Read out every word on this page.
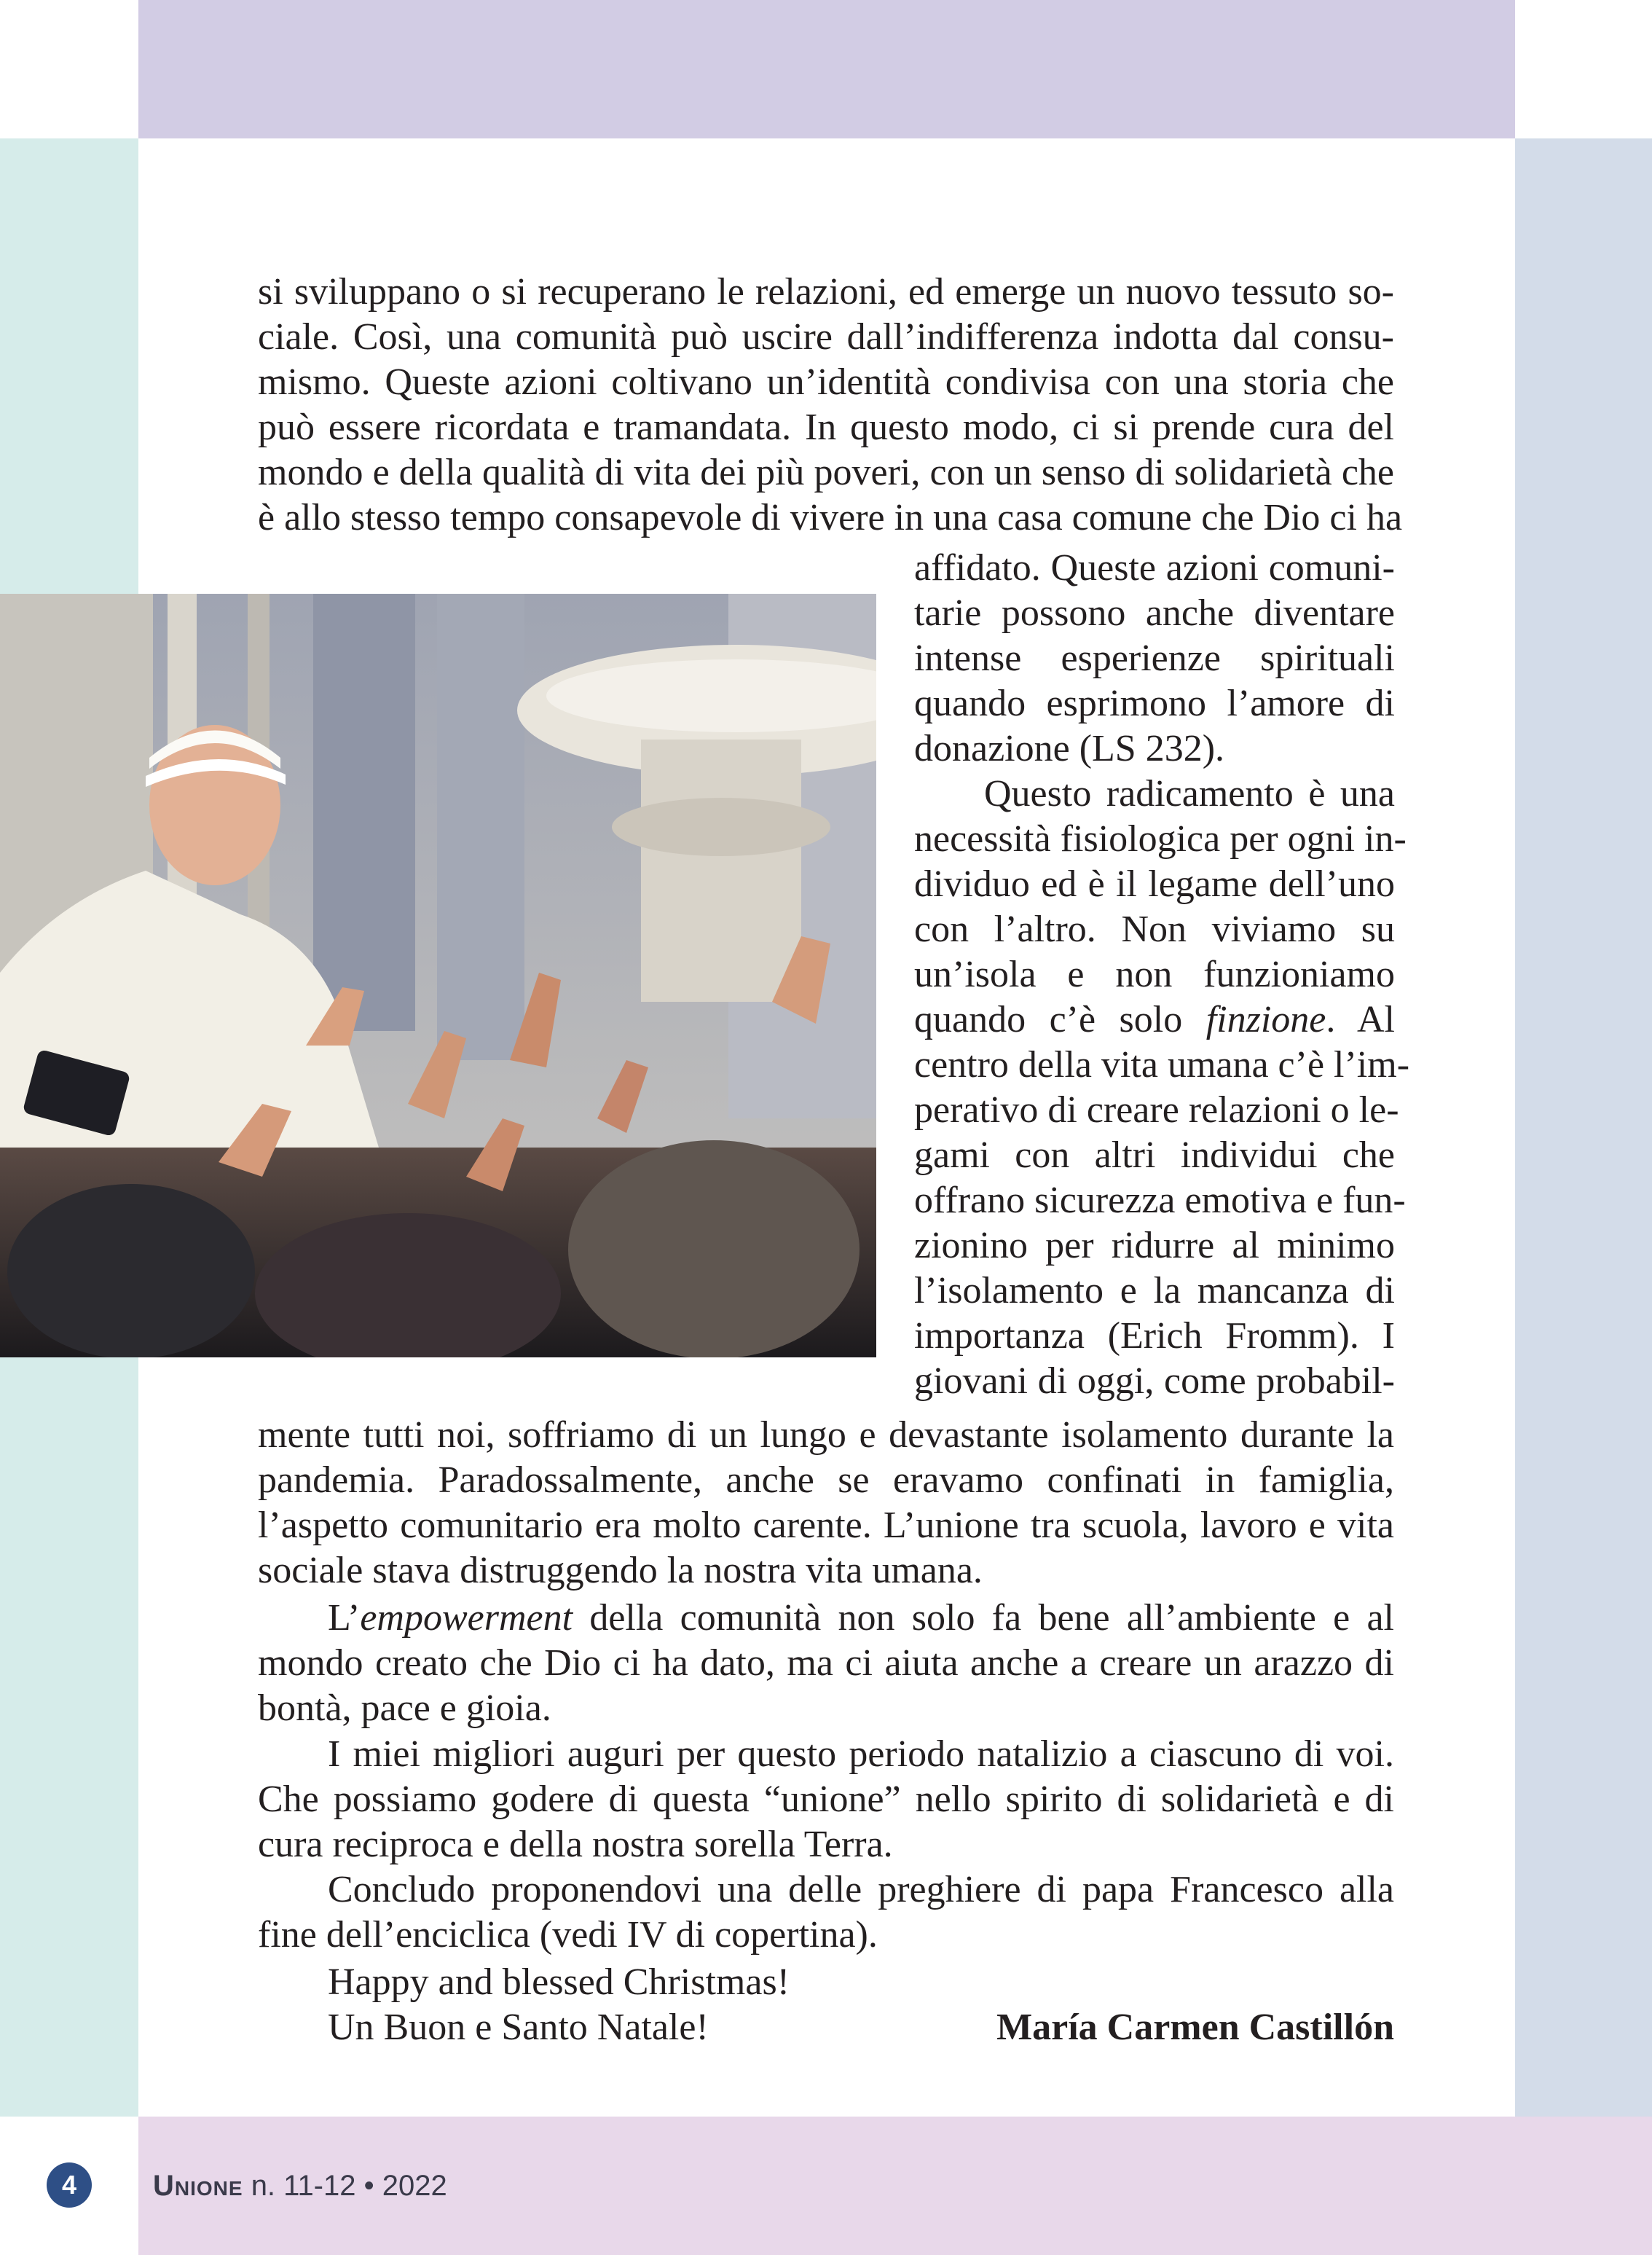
si sviluppano o si recuperano le relazioni, ed emerge un nuovo tessuto so-
ciale. Così, una comunità può uscire dall’indifferenza indotta dal consu-
mismo. Queste azioni coltivano un’identità condivisa con una storia che
può essere ricordata e tramandata. In questo modo, ci si prende cura del
mondo e della qualità di vita dei più poveri, con un senso di solidarietà che
è allo stesso tempo consapevole di vivere in una casa comune che Dio ci ha
affidato. Queste azioni comuni-
tarie possono anche diventare
intense esperienze spirituali
quando esprimono l’amore di
donazione (LS 232).
Questo radicamento è una
necessità fisiologica per ogni in-
dividuo ed è il legame dell’uno
con l’altro. Non viviamo su
un’isola e non funzioniamo
quando c’è solo finzione. Al
centro della vita umana c’è l’im-
perativo di creare relazioni o le-
gami con altri individui che
offrano sicurezza emotiva e fun-
zionino per ridurre al minimo
l’isolamento e la mancanza di
importanza (Erich Fromm). I
giovani di oggi, come probabil-
mente tutti noi, soffriamo di un lungo e devastante isolamento durante la
pandemia. Paradossalmente, anche se eravamo confinati in famiglia,
l’aspetto comunitario era molto carente. L’unione tra scuola, lavoro e vita
sociale stava distruggendo la nostra vita umana.
L’empowerment della comunità non solo fa bene all’ambiente e al
mondo creato che Dio ci ha dato, ma ci aiuta anche a creare un arazzo di
bontà, pace e gioia.
I miei migliori auguri per questo periodo natalizio a ciascuno di voi.
Che possiamo godere di questa “unione” nello spirito di solidarietà e di
cura reciproca e della nostra sorella Terra.
Concludo proponendovi una delle preghiere di papa Francesco alla
fine dell’enciclica (vedi IV di copertina).
Happy and blessed Christmas!
Un Buon e Santo Natale!	María Carmen Castillón
4	Unione n. 11-12 • 2022
